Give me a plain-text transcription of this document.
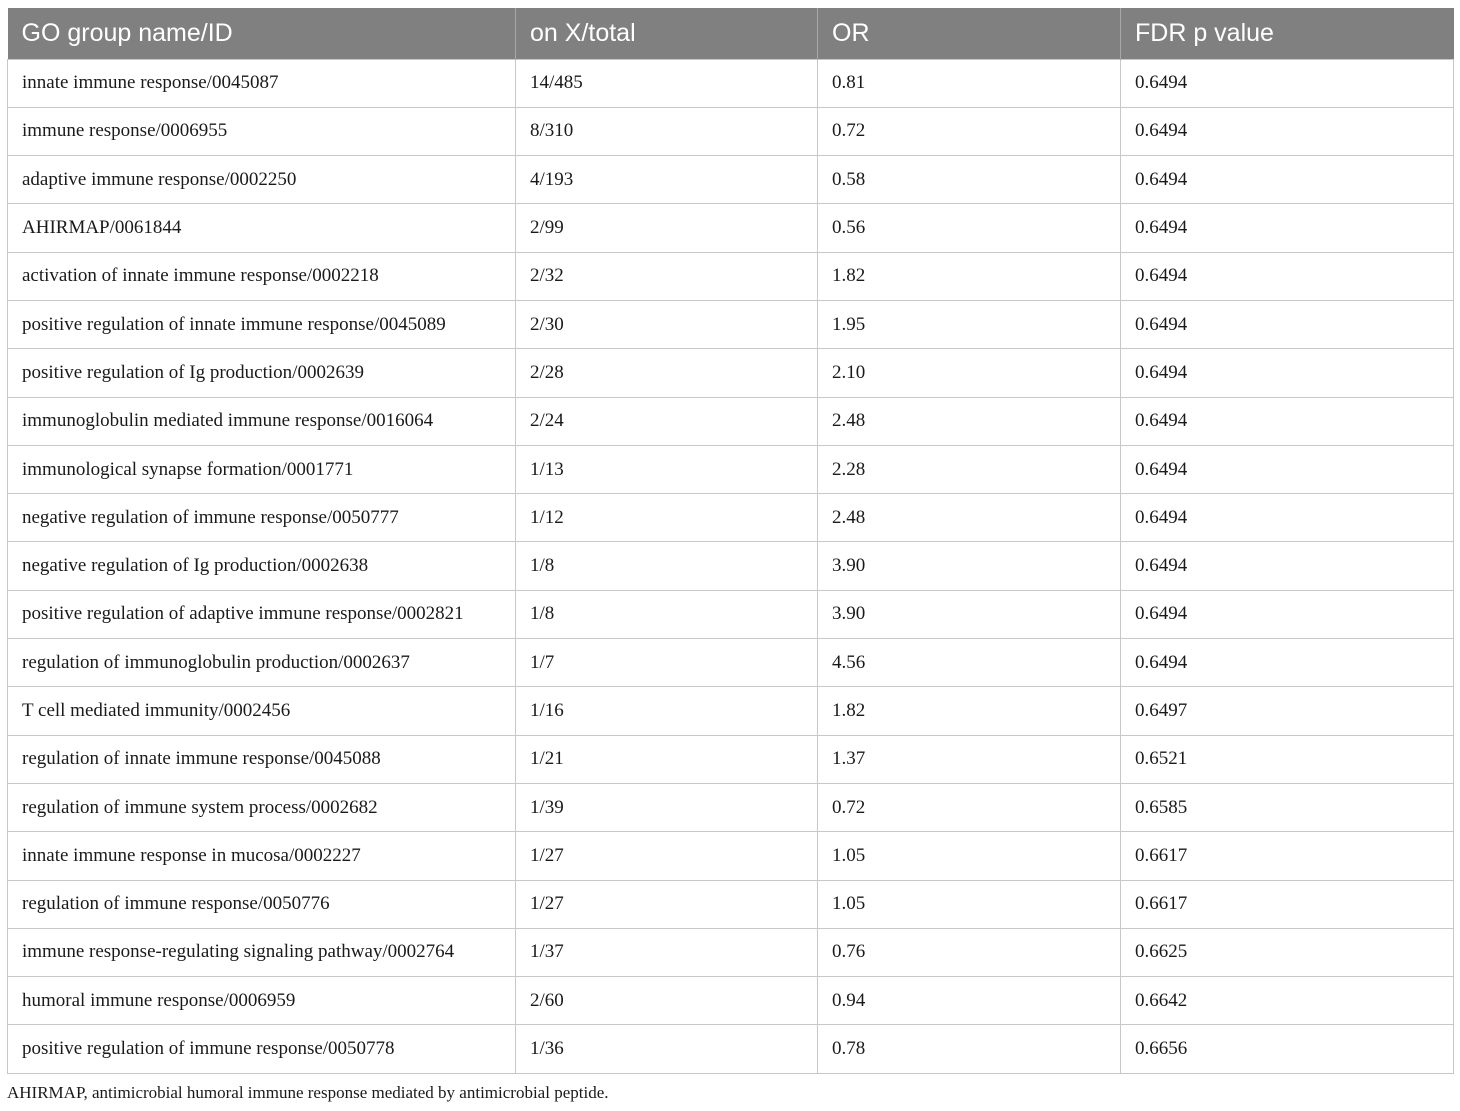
GO group name/ID	on X/total	OR	FDR p value
innate immune response/0045087	14/485	0.81	0.6494
immune response/0006955	8/310	0.72	0.6494
adaptive immune response/0002250	4/193	0.58	0.6494
AHIRMAP/0061844	2/99	0.56	0.6494
activation of innate immune response/0002218	2/32	1.82	0.6494
positive regulation of innate immune response/0045089	2/30	1.95	0.6494
positive regulation of Ig production/0002639	2/28	2.10	0.6494
immunoglobulin mediated immune response/0016064	2/24	2.48	0.6494
immunological synapse formation/0001771	1/13	2.28	0.6494
negative regulation of immune response/0050777	1/12	2.48	0.6494
negative regulation of Ig production/0002638	1/8	3.90	0.6494
positive regulation of adaptive immune response/0002821	1/8	3.90	0.6494
regulation of immunoglobulin production/0002637	1/7	4.56	0.6494
T cell mediated immunity/0002456	1/16	1.82	0.6497
regulation of innate immune response/0045088	1/21	1.37	0.6521
regulation of immune system process/0002682	1/39	0.72	0.6585
innate immune response in mucosa/0002227	1/27	1.05	0.6617
regulation of immune response/0050776	1/27	1.05	0.6617
immune response-regulating signaling pathway/0002764	1/37	0.76	0.6625
humoral immune response/0006959	2/60	0.94	0.6642
positive regulation of immune response/0050778	1/36	0.78	0.6656
AHIRMAP, antimicrobial humoral immune response mediated by antimicrobial peptide.
